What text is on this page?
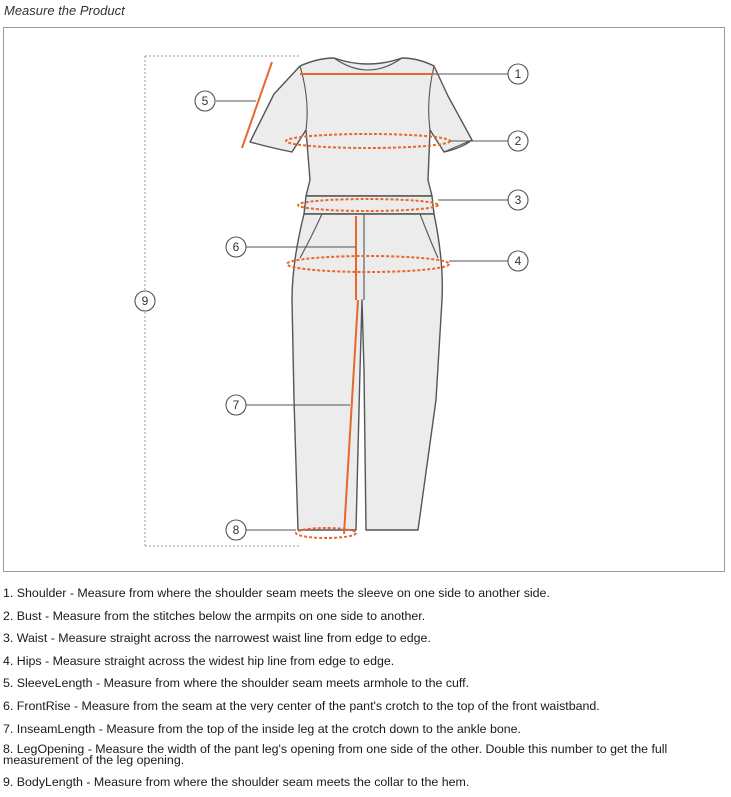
Measure the Product
1
2
3
4
5
6
7
8
9

1. Shoulder - Measure from where the shoulder seam meets the sleeve on one side to another side.

2. Bust - Measure from the stitches below the armpits on one side to another.

3. Waist - Measure straight across the narrowest waist line from edge to edge.

4. Hips - Measure straight across the widest hip line from edge to edge.

5. SleeveLength - Measure from where the shoulder seam meets armhole to the cuff.

6. FrontRise - Measure from the seam at the very center of the pant's crotch to the top of the front waistband.

7. InseamLength - Measure from the top of the inside leg at the crotch down to the ankle bone.

8. LegOpening - Measure the width of the pant leg's opening from one side of the other. Double this number to get the full measurement of the leg opening.

9. BodyLength - Measure from where the shoulder seam meets the collar to the hem.
